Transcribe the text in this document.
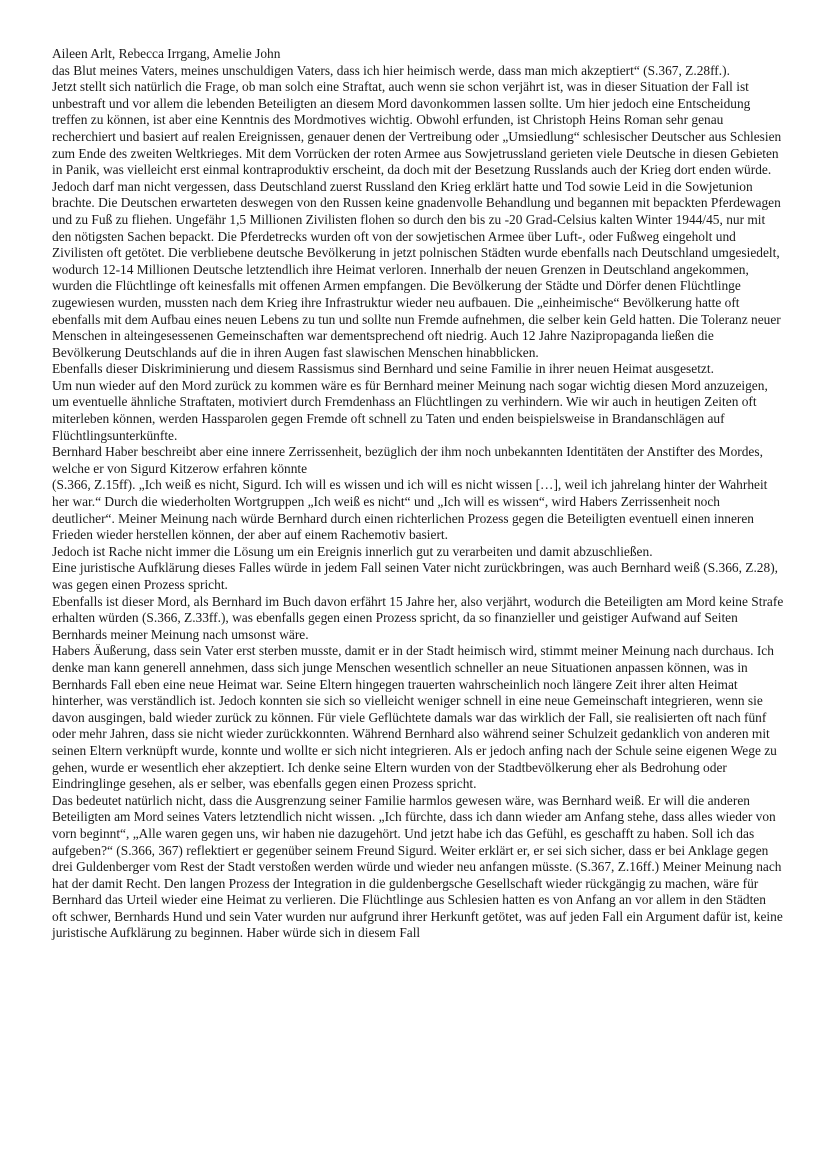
Aileen Arlt, Rebecca Irrgang, Amelie John

das Blut meines Vaters, meines unschuldigen Vaters, dass ich hier heimisch werde, dass man mich akzeptiert“ (S.367, Z.28ff.).

Jetzt stellt sich natürlich die Frage, ob man solch eine Straftat, auch wenn sie schon verjährt ist, was in dieser Situation der Fall ist unbestraft und vor allem die lebenden Beteiligten an diesem Mord davonkommen lassen sollte. Um hier jedoch eine Entscheidung treffen zu können, ist aber eine Kenntnis des Mordmotives wichtig. Obwohl erfunden, ist Christoph Heins Roman sehr genau recherchiert und basiert auf realen Ereignissen, genauer denen der Vertreibung oder „Umsiedlung“ schlesischer Deutscher aus Schlesien zum Ende des zweiten Weltkrieges. Mit dem Vorrücken der roten Armee aus Sowjetrussland gerieten viele Deutsche in diesen Gebieten in Panik, was vielleicht erst einmal kontraproduktiv erscheint, da doch mit der Besetzung Russlands auch der Krieg dort enden würde.

Jedoch darf man nicht vergessen, dass Deutschland zuerst Russland den Krieg erklärt hatte und Tod sowie Leid in die Sowjetunion brachte. Die Deutschen erwarteten deswegen von den Russen keine gnadenvolle Behandlung und begannen mit bepackten Pferdewagen und zu Fuß zu fliehen. Ungefähr 1,5 Millionen Zivilisten flohen so durch den bis zu -20 Grad-Celsius kalten Winter 1944/45, nur mit den nötigsten Sachen bepackt. Die Pferdetrecks wurden oft von der sowjetischen Armee über Luft-, oder Fußweg eingeholt und Zivilisten oft getötet. Die verbliebene deutsche Bevölkerung in jetzt polnischen Städten wurde ebenfalls nach Deutschland umgesiedelt, wodurch 12-14 Millionen Deutsche letztendlich ihre Heimat verloren. Innerhalb der neuen Grenzen in Deutschland angekommen, wurden die Flüchtlinge oft keinesfalls mit offenen Armen empfangen. Die Bevölkerung der Städte und Dörfer denen Flüchtlinge zugewiesen wurden, mussten nach dem Krieg ihre Infrastruktur wieder neu aufbauen. Die „einheimische“ Bevölkerung hatte oft ebenfalls mit dem Aufbau eines neuen Lebens zu tun und sollte nun Fremde aufnehmen, die selber kein Geld hatten. Die Toleranz neuer Menschen in alteingesessenen Gemeinschaften war dementsprechend oft niedrig. Auch 12 Jahre Nazipropaganda ließen die Bevölkerung Deutschlands auf die in ihren Augen fast slawischen Menschen hinabblicken.

Ebenfalls dieser Diskriminierung und diesem Rassismus sind Bernhard und seine Familie in ihrer neuen Heimat ausgesetzt.

Um nun wieder auf den Mord zurück zu kommen wäre es für Bernhard meiner Meinung nach sogar wichtig diesen Mord anzuzeigen, um eventuelle ähnliche Straftaten, motiviert durch Fremdenhass an Flüchtlingen zu verhindern. Wie wir auch in heutigen Zeiten oft miterleben können, werden Hassparolen gegen Fremde oft schnell zu Taten und enden beispielsweise in Brandanschlägen auf Flüchtlingsunterkünfte.

Bernhard Haber beschreibt aber eine innere Zerrissenheit, bezüglich der ihm noch unbekannten Identitäten der Anstifter des Mordes, welche er von Sigurd Kitzerow erfahren könnte

(S.366, Z.15ff). „Ich weiß es nicht, Sigurd. Ich will es wissen und ich will es nicht wissen […], weil ich jahrelang hinter der Wahrheit her war.“ Durch die wiederholten Wortgruppen „Ich weiß es nicht“ und „Ich will es wissen“, wird Habers Zerrissenheit noch deutlicher“. Meiner Meinung nach würde Bernhard durch einen richterlichen Prozess gegen die Beteiligten eventuell einen inneren Frieden wieder herstellen können, der aber auf einem Rachemotiv basiert.

Jedoch ist Rache nicht immer die Lösung um ein Ereignis innerlich gut zu verarbeiten und damit abzuschließen.

Eine juristische Aufklärung dieses Falles würde in jedem Fall seinen Vater nicht zurückbringen, was auch Bernhard weiß (S.366, Z.28), was gegen einen Prozess spricht.

Ebenfalls ist dieser Mord, als Bernhard im Buch davon erfährt 15 Jahre her, also verjährt, wodurch die Beteiligten am Mord keine Strafe erhalten würden (S.366, Z.33ff.), was ebenfalls gegen einen Prozess spricht, da so finanzieller und geistiger Aufwand auf Seiten Bernhards meiner Meinung nach umsonst wäre.

Habers Äußerung, dass sein Vater erst sterben musste, damit er in der Stadt heimisch wird, stimmt meiner Meinung nach durchaus. Ich denke man kann generell annehmen, dass sich junge Menschen wesentlich schneller an neue Situationen anpassen können, was in Bernhards Fall eben eine neue Heimat war. Seine Eltern hingegen trauerten wahrscheinlich noch längere Zeit ihrer alten Heimat hinterher, was verständlich ist. Jedoch konnten sie sich so vielleicht weniger schnell in eine neue Gemeinschaft integrieren, wenn sie davon ausgingen, bald wieder zurück zu können. Für viele Geflüchtete damals war das wirklich der Fall, sie realisierten oft nach fünf oder mehr Jahren, dass sie nicht wieder zurückkonnten. Während Bernhard also während seiner Schulzeit gedanklich von anderen mit seinen Eltern verknüpft wurde, konnte und wollte er sich nicht integrieren. Als er jedoch anfing nach der Schule seine eigenen Wege zu gehen, wurde er wesentlich eher akzeptiert. Ich denke seine Eltern wurden von der Stadtbevölkerung eher als Bedrohung oder Eindringlinge gesehen, als er selber, was ebenfalls gegen einen Prozess spricht.

Das bedeutet natürlich nicht, dass die Ausgrenzung seiner Familie harmlos gewesen wäre, was Bernhard weiß. Er will die anderen Beteiligten am Mord seines Vaters letztendlich nicht wissen. „Ich fürchte, dass ich dann wieder am Anfang stehe, dass alles wieder von vorn beginnt“, „Alle waren gegen uns, wir haben nie dazugehört. Und jetzt habe ich das Gefühl, es geschafft zu haben. Soll ich das aufgeben?“ (S.366, 367) reflektiert er gegenüber seinem Freund Sigurd. Weiter erklärt er, er sei sich sicher, dass er bei Anklage gegen drei Guldenberger vom Rest der Stadt verstoßen werden würde und wieder neu anfangen müsste. (S.367, Z.16ff.) Meiner Meinung nach hat der damit Recht. Den langen Prozess der Integration in die guldenbergsche Gesellschaft wieder rückgängig zu machen, wäre für Bernhard das Urteil wieder eine Heimat zu verlieren. Die Flüchtlinge aus Schlesien hatten es von Anfang an vor allem in den Städten oft schwer, Bernhards Hund und sein Vater wurden nur aufgrund ihrer Herkunft getötet, was auf jeden Fall ein Argument dafür ist, keine juristische Aufklärung zu beginnen. Haber würde sich in diesem Fall
